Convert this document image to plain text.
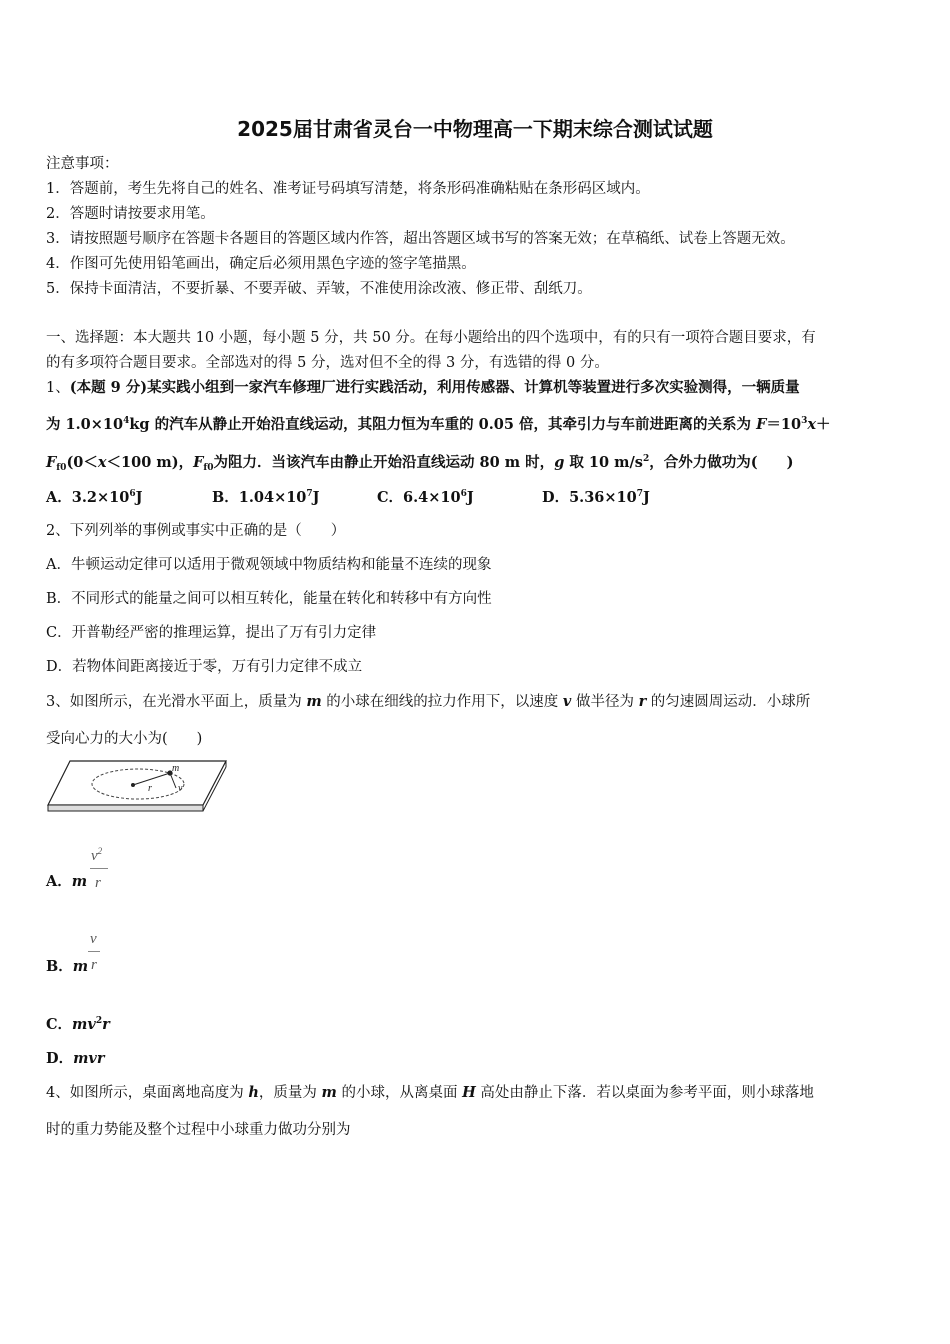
2025届甘肃省灵台一中物理高一下期末综合测试试题
注意事项：
1．答题前，考生先将自己的姓名、准考证号码填写清楚，将条形码准确粘贴在条形码区域内。
2．答题时请按要求用笔。
3．请按照题号顺序在答题卡各题目的答题区域内作答，超出答题区域书写的答案无效；在草稿纸、试卷上答题无效。
4．作图可先使用铅笔画出，确定后必须用黑色字迹的签字笔描黑。
5．保持卡面清洁，不要折暴、不要弄破、弄皱，不准使用涂改液、修正带、刮纸刀。
一、选择题：本大题共 10 小题，每小题 5 分，共 50 分。在每小题给出的四个选项中，有的只有一项符合题目要求，有
的有多项符合题目要求。全部选对的得 5 分，选对但不全的得 3 分，有选错的得 0 分。
1、(本题 9 分)某实践小组到一家汽车修理厂进行实践活动，利用传感器、计算机等装置进行多次实验测得，一辆质量
为 $1.0\times 10^4kg$ 的汽车从静止开始沿直线运动，其阻力恒为车重的 0.05 倍，其牵引力与车前进距离的关系为 $F=10^3x+$
$F_{f0}(0<x<100$ m)，$F_{f0}$为阻力．当该汽车由静止开始沿直线运动 80 m 时，g 取 10 $m/s^2$，合外力做功为(　　)
A．$3.2\times 10^6J$	B．$1.04\times 10^7J$	C．$6.4\times 10^6J$	D．$5.36\times 10^7J$
2、下列列举的事例或事实中正确的是（　　）
A．牛顿运动定律可以适用于微观领域中物质结构和能量不连续的现象
B．不同形式的能量之间可以相互转化，能量在转化和转移中有方向性
C．开普勒经严密的推理运算，提出了万有引力定律
D．若物体间距离接近于零，万有引力定律不成立
3、如图所示，在光滑水平面上，质量为 m 的小球在细线的拉力作用下，以速度 v 做半径为 r 的匀速圆周运动．小球所
受向心力的大小为(　　)
m
r	v
A．m
$v^2$
r
B．m
v
r
C．$mv^2r$
D．mvr
4、如图所示，桌面离地高度为 h，质量为 m 的小球，从离桌面 H 高处由静止下落．若以桌面为参考平面，则小球落地
时的重力势能及整个过程中小球重力做功分别为
